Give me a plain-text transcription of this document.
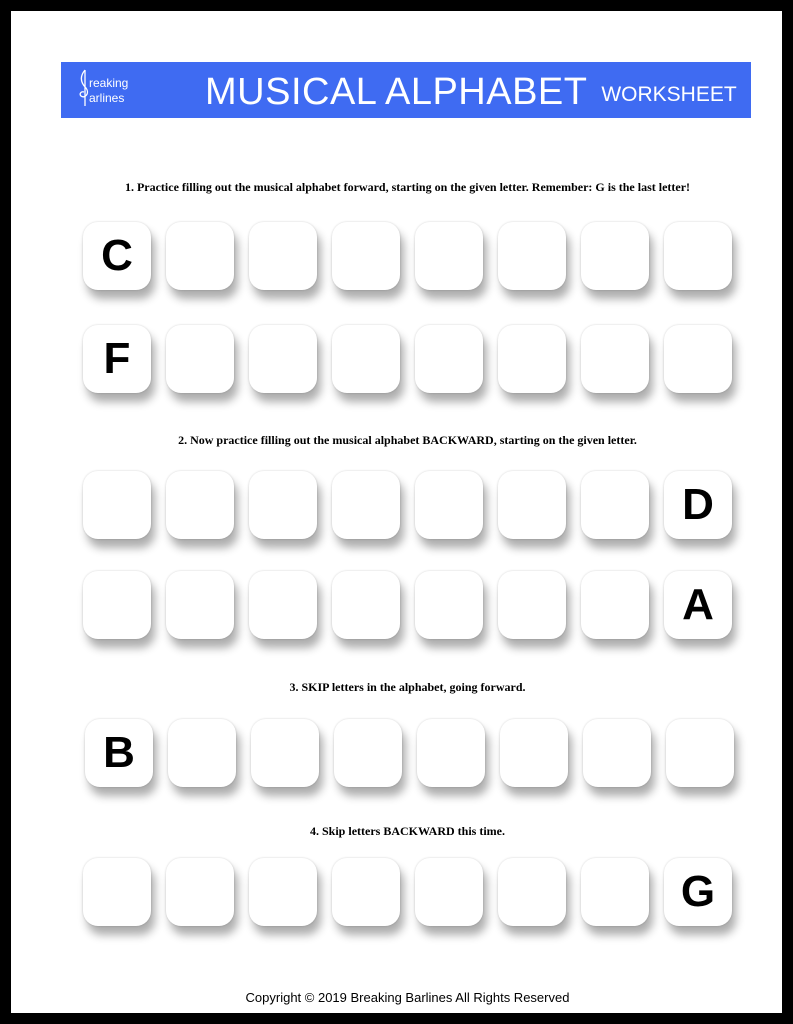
reaking
arlines MUSICAL ALPHABET WORKSHEET
1. Practice filling out the musical alphabet forward, starting on the given letter. Remember: G is the last letter!
C
F
2. Now practice filling out the musical alphabet BACKWARD, starting on the given letter.
D
A
3. SKIP letters in the alphabet, going forward.
B
4. Skip letters BACKWARD this time.
G
Copyright © 2019 Breaking Barlines All Rights Reserved
